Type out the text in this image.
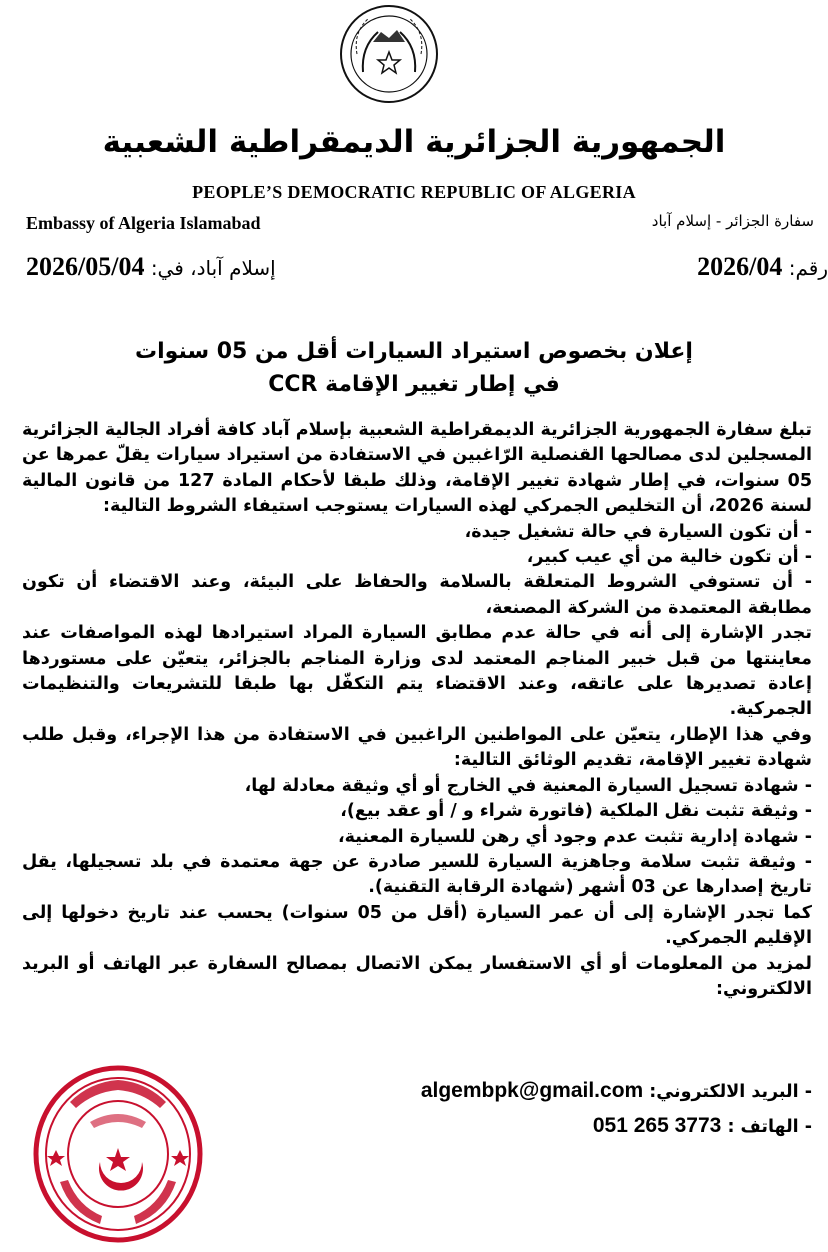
الجمهورية الجزائرية الديمقراطية الشعبية
PEOPLE’S DEMOCRATIC REPUBLIC OF ALGERIA
Embassy of Algeria Islamabad	سفارة الجزائر - إسلام آباد
رقم: 2026/04
إسلام آباد، في: 2026/05/04
إعلان بخصوص استيراد السيارات أقل من 05 سنوات
في إطار تغيير الإقامة CCR

تبلغ سفارة الجمهورية الجزائرية الديمقراطية الشعبية بإسلام آباد كافة أفراد الجالية الجزائرية المسجلين لدى مصالحها القنصلية الرّاغبين في الاستفادة من استيراد سيارات يقلّ عمرها عن 05 سنوات، في إطار شهادة تغيير الإقامة، وذلك طبقا لأحكام المادة 127 من قانون المالية لسنة 2026، أن التخليص الجمركي لهذه السيارات يستوجب استيفاء الشروط التالية:

- أن تكون السيارة في حالة تشغيل جيدة،

- أن تكون خالية من أي عيب كبير،

- أن تستوفي الشروط المتعلقة بالسلامة والحفاظ على البيئة، وعند الاقتضاء أن تكون مطابقة المعتمدة من الشركة المصنعة،

تجدر الإشارة إلى أنه في حالة عدم مطابق السيارة المراد استيرادها لهذه المواصفات عند معاينتها من قبل خبير المناجم المعتمد لدى وزارة المناجم بالجزائر، يتعيّن على مستوردها إعادة تصديرها على عاتقه، وعند الاقتضاء يتم التكفّل بها طبقا للتشريعات والتنظيمات الجمركية.

وفي هذا الإطار، يتعيّن على المواطنين الراغبين في الاستفادة من هذا الإجراء، وقبل طلب شهادة تغيير الإقامة، تقديم الوثائق التالية:

- شهادة تسجيل السيارة المعنية في الخارج أو أي وثيقة معادلة لها،

- وثيقة تثبت نقل الملكية (فاتورة شراء و / أو عقد بيع)،

- شهادة إدارية تثبت عدم وجود أي رهن للسيارة المعنية،

- وثيقة تثبت سلامة وجاهزية السيارة للسير صادرة عن جهة معتمدة في بلد تسجيلها، يقل تاريخ إصدارها عن 03 أشهر (شهادة الرقابة التقنية).

كما تجدر الإشارة إلى أن عمر السيارة (أقل من 05 سنوات) يحسب عند تاريخ دخولها إلى الإقليم الجمركي.

لمزيد من المعلومات أو أي الاستفسار يمكن الاتصال بمصالح السفارة عبر الهاتف أو البريد الالكتروني:

- البريد الالكتروني: algembpk@gmail.com
- الهاتف : 051 265 3773
